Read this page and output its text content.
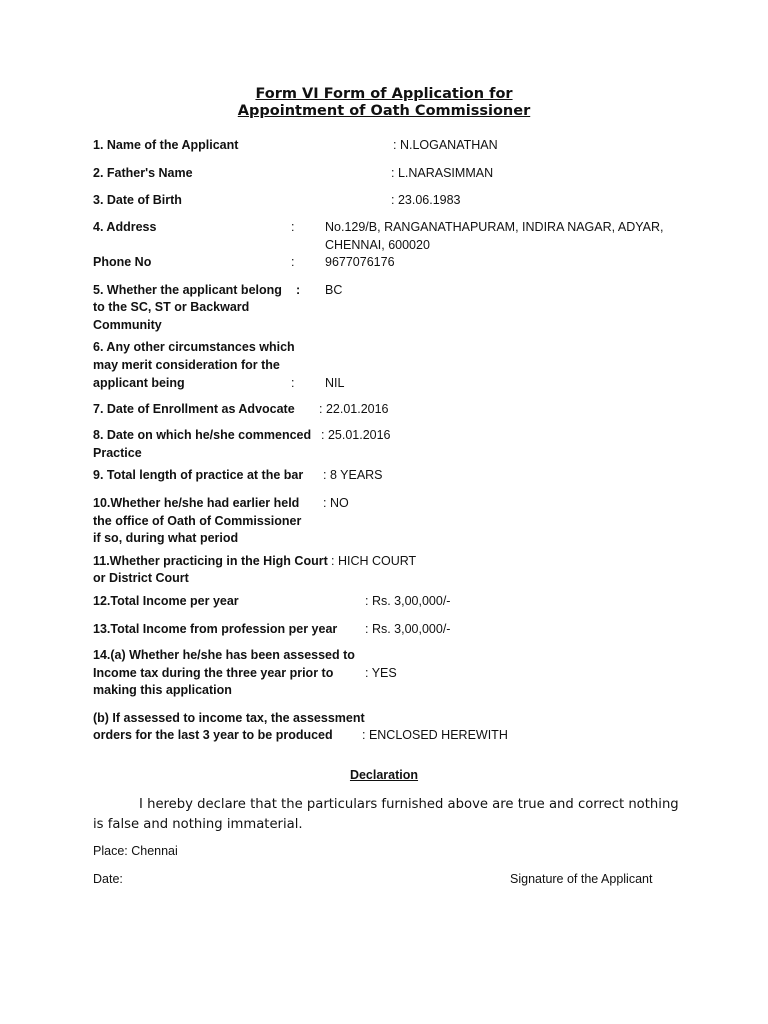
Form VI Form of Application for
Appointment of Oath Commissioner
1. Name of the Applicant	: N.LOGANATHAN
2. Father's Name	: L.NARASIMMAN
3. Date of Birth	: 23.06.1983
4. Address	: No.129/B, RANGANATHAPURAM, INDIRA NAGAR, ADYAR,
CHENNAI, 600020
Phone No	: 9677076176
5. Whether the applicant belong : BC
to the SC, ST or Backward
Community
6. Any other circumstances which
may merit consideration for the
applicant being	: NIL
7. Date of Enrollment as Advocate : 22.01.2016
8. Date on which he/she commenced : 25.01.2016
Practice
9. Total length of practice at the bar : 8 YEARS
10.Whether he/she had earlier held : NO
the office of Oath of Commissioner
if so, during what period
11.Whether practicing in the High Court : HICH COURT
or District Court
12.Total Income per year	: Rs. 3,00,000/-
13.Total Income from profession per year : Rs. 3,00,000/-
14.(a) Whether he/she has been assessed to
Income tax during the three year prior to	: YES
making this application
(b) If assessed to income tax, the assessment
orders for the last 3 year to be produced : ENCLOSED HEREWITH
Declaration
I hereby declare that the particulars furnished above are true and correct nothing is false and nothing immaterial.
Place: Chennai
Date:	Signature of the Applicant
